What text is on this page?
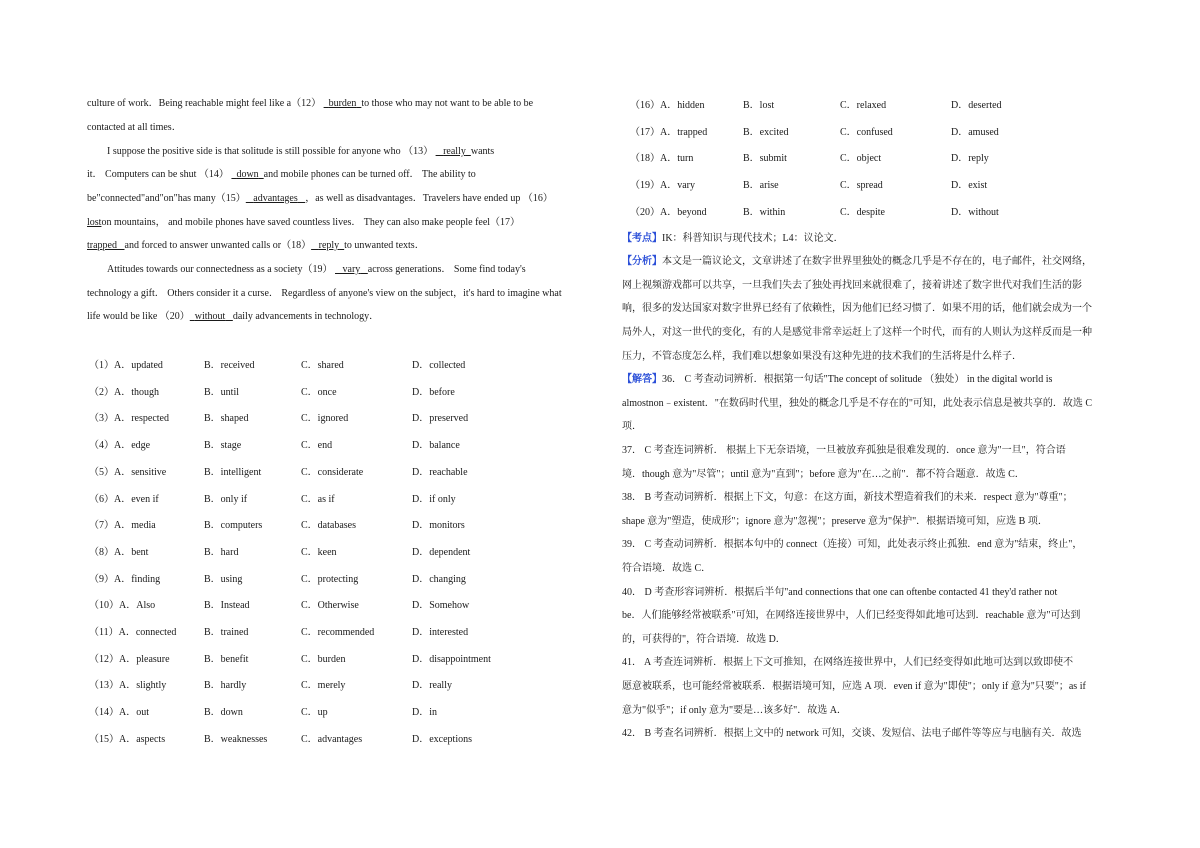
culture of work．Being reachable might feel like a（12） burden to those who may not want to be able to be
contacted at all times．
I suppose the positive side is that solitude is still possible for anyone who （13） really wants
it． Computers can be shut （14） down and mobile phones can be turned off． The ability to
be"connected"and"on"has many（15） advantages ，as well as disadvantages．Travelers have ended up （16）
loston mountains， and mobile phones have saved countless lives． They can also make people feel（17）
trapped and forced to answer unwanted calls or（18） reply to unwanted texts．
Attitudes towards our connectedness as a society（19） vary across generations． Some find today's
technology a gift． Others consider it a curse． Regardless of anyone's view on the subject，it's hard to imagine what
life would be like （20） without daily advancements in technology．
（1）A．updated	B．received	C．shared	D．collected
（2）A．though	B．until	C．once	D．before
（3）A．respected	B．shaped	C．ignored	D．preserved
（4）A．edge	B．stage	C．end	D．balance
（5）A．sensitive	B．intelligent	C．considerate	D．reachable
（6）A．even if	B．only if	C．as if	D．if only
（7）A．media	B．computers	C．databases	D．monitors
（8）A．bent	B．hard	C．keen	D．dependent
（9）A．finding	B．using	C．protecting	D．changing
（10）A．Also	B．Instead	C．Otherwise	D．Somehow
（11）A．connected	B．trained	C．recommended	D．interested
（12）A．pleasure	B．benefit	C．burden	D．disappointment
（13）A．slightly	B．hardly	C．merely	D．really
（14）A．out	B．down	C．up	D．in
（15）A．aspects	B．weaknesses	C．advantages	D．exceptions
（16）A．hidden	B．lost	C．relaxed	D．deserted
（17）A．trapped	B．excited	C．confused	D．amused
（18）A．turn	B．submit	C．object	D．reply
（19）A．vary	B．arise	C．spread	D．exist
（20）A．beyond	B．within	C．despite	D．without
【考点】IK：科普知识与现代技术；L4：议论文．
【分析】本文是一篇议论文，文章讲述了在数字世界里独处的概念几乎是不存在的，电子邮件，社交网络，
网上视频游戏都可以共享，一旦我们失去了独处再找回来就很难了，接着讲述了数字世代对我们生活的影
响，很多的发达国家对数字世界已经有了依赖性，因为他们已经习惯了．如果不用的话，他们就会成为一个
局外人，对这一世代的变化，有的人是感觉非常幸运赶上了这样一个时代，而有的人则认为这样反而是一种
压力，不管态度怎么样，我们难以想象如果没有这种先进的技术我们的生活将是什么样子．
【解答】36． C 考查动词辨析．根据第一句话"The concept of solitude （独处） in the digital world is
almostnon﹣existent．"在数码时代里，独处的概念几乎是不存在的"可知，此处表示信息是被共享的．故选 C
项．
37． C 考查连词辨析． 根据上下无奈语境，一旦被放弃孤独是很难发现的．once 意为"一旦"，符合语
境．though 意为"尽管"；until 意为"直到"；before 意为"在…之前"．都不符合题意．故选 C．
38． B 考查动词辨析．根据上下文，句意：在这方面，新技术塑造着我们的未来．respect 意为"尊重"；
shape 意为"塑造，使成形"；ignore 意为"忽视"；preserve 意为"保护"．根据语境可知，应选 B 项．
39． C 考查动词辨析．根据本句中的 connect（连接）可知，此处表示终止孤独．end 意为"结束，终止"，
符合语境．故选 C．
40． D 考查形容词辨析．根据后半句"and connections that one can oftenbe contacted 41 they'd rather not
be．人们能够经常被联系"可知，在网络连接世界中，人们已经变得如此地可达到．reachable 意为"可达到
的，可获得的"，符合语境．故选 D．
41． A 考查连词辨析．根据上下文可推知，在网络连接世界中，人们已经变得如此地可达到以致即使不
愿意被联系，也可能经常被联系．根据语境可知，应选 A 项．even if 意为"即使"；only if 意为"只要"；as if
意为"似乎"；if only 意为"要是…该多好"．故选 A．
42． B 考查名词辨析．根据上文中的 network 可知，交谈、发短信、法电子邮件等等应与电脑有关．故选
